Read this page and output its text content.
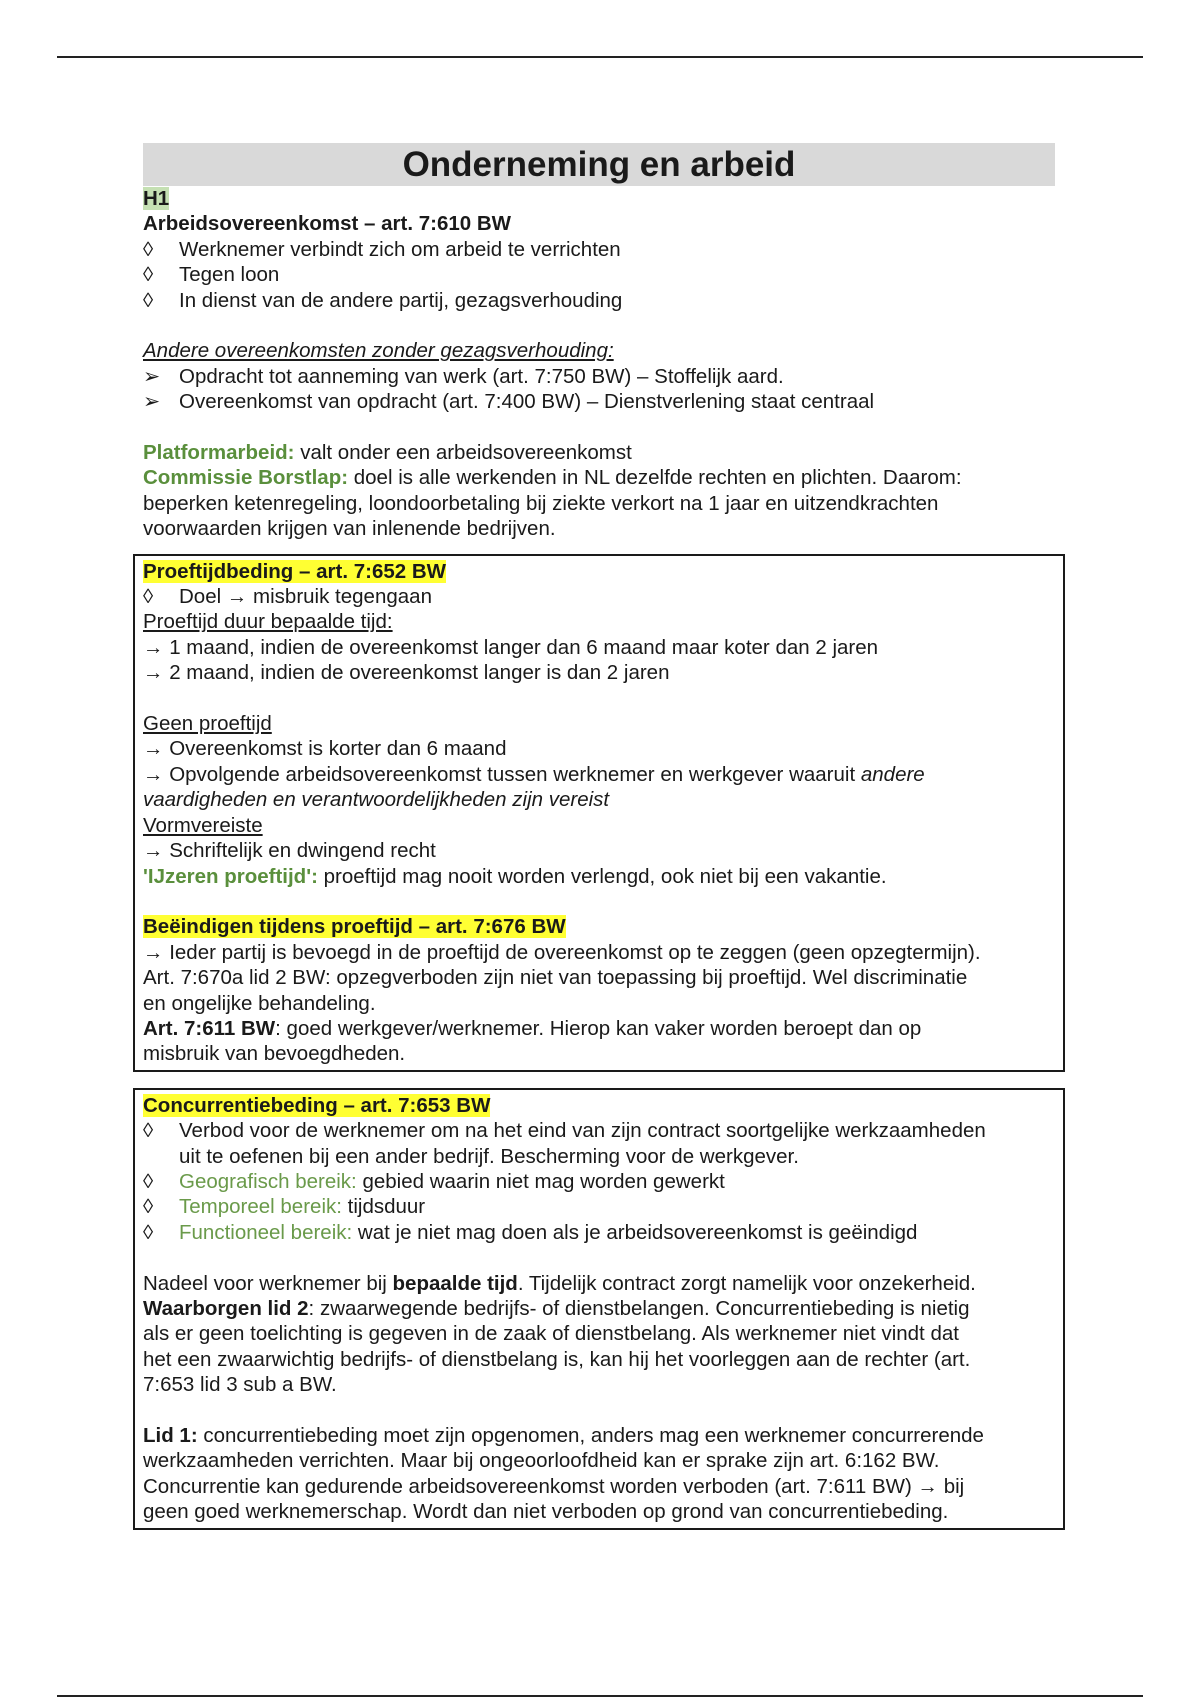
Onderneming en arbeid
H1
Arbeidsovereenkomst – art. 7:610 BW
◊	Werknemer verbindt zich om arbeid te verrichten
◊	Tegen loon
◊	In dienst van de andere partij, gezagsverhouding
Andere overeenkomsten zonder gezagsverhouding:
➢ Opdracht tot aanneming van werk (art. 7:750 BW) – Stoffelijk aard.
➢ Overeenkomst van opdracht (art. 7:400 BW) – Dienstverlening staat centraal
Platformarbeid: valt onder een arbeidsovereenkomst
Commissie Borstlap: doel is alle werkenden in NL dezelfde rechten en plichten. Daarom:
beperken ketenregeling, loondoorbetaling bij ziekte verkort na 1 jaar en uitzendkrachten
voorwaarden krijgen van inlenende bedrijven.
Proeftijdbeding – art. 7:652 BW
◊	Doel → misbruik tegengaan
Proeftijd duur bepaalde tijd:
→ 1 maand, indien de overeenkomst langer dan 6 maand maar koter dan 2 jaren
→ 2 maand, indien de overeenkomst langer is dan 2 jaren
Geen proeftijd
→ Overeenkomst is korter dan 6 maand
→ Opvolgende arbeidsovereenkomst tussen werknemer en werkgever waaruit andere
vaardigheden en verantwoordelijkheden zijn vereist
Vormvereiste
→ Schriftelijk en dwingend recht
'IJzeren proeftijd': proeftijd mag nooit worden verlengd, ook niet bij een vakantie.
Beëindigen tijdens proeftijd – art. 7:676 BW
→ Ieder partij is bevoegd in de proeftijd de overeenkomst op te zeggen (geen opzegtermijn).
Art. 7:670a lid 2 BW: opzegverboden zijn niet van toepassing bij proeftijd. Wel discriminatie
en ongelijke behandeling.
Art. 7:611 BW: goed werkgever/werknemer. Hierop kan vaker worden beroept dan op
misbruik van bevoegdheden.
Concurrentiebeding – art. 7:653 BW
◊	Verbod voor de werknemer om na het eind van zijn contract soortgelijke werkzaamheden
uit te oefenen bij een ander bedrijf. Bescherming voor de werkgever.
◊	Geografisch bereik: gebied waarin niet mag worden gewerkt
◊	Temporeel bereik: tijdsduur
◊	Functioneel bereik: wat je niet mag doen als je arbeidsovereenkomst is geëindigd
Nadeel voor werknemer bij bepaalde tijd. Tijdelijk contract zorgt namelijk voor onzekerheid.
Waarborgen lid 2: zwaarwegende bedrijfs- of dienstbelangen. Concurrentiebeding is nietig
als er geen toelichting is gegeven in de zaak of dienstbelang. Als werknemer niet vindt dat
het een zwaarwichtig bedrijfs- of dienstbelang is, kan hij het voorleggen aan de rechter (art.
7:653 lid 3 sub a BW.
Lid 1: concurrentiebeding moet zijn opgenomen, anders mag een werknemer concurrerende
werkzaamheden verrichten. Maar bij ongeoorloofdheid kan er sprake zijn art. 6:162 BW.
Concurrentie kan gedurende arbeidsovereenkomst worden verboden (art. 7:611 BW) → bij
geen goed werknemerschap. Wordt dan niet verboden op grond van concurrentiebeding.
